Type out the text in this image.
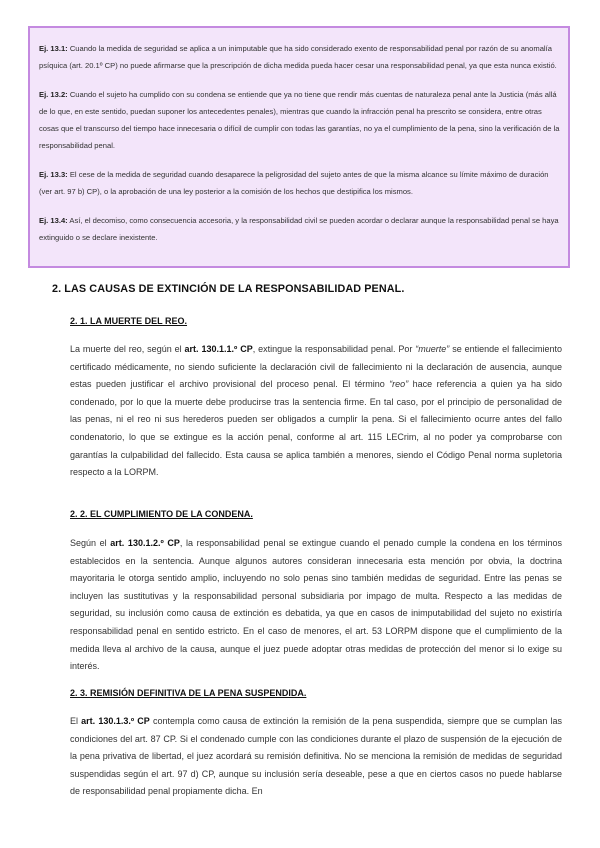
Ej. 13.1: Cuando la medida de seguridad se aplica a un inimputable que ha sido considerado exento de responsabilidad penal por razón de su anomalía psíquica (art. 20.1º CP) no puede afirmarse que la prescripción de dicha medida pueda hacer cesar una responsabilidad penal, ya que esta nunca existió.

Ej. 13.2: Cuando el sujeto ha cumplido con su condena se entiende que ya no tiene que rendir más cuentas de naturaleza penal ante la Justicia (más allá de lo que, en este sentido, puedan suponer los antecedentes penales), mientras que cuando la infracción penal ha prescrito se considera, entre otras cosas que el transcurso del tiempo hace innecesaria o difícil de cumplir con todas las garantías, no ya el cumplimiento de la pena, sino la verificación de la responsabilidad penal.

Ej. 13.3: El cese de la medida de seguridad cuando desaparece la peligrosidad del sujeto antes de que la misma alcance su límite máximo de duración (ver art. 97 b) CP), o la aprobación de una ley posterior a la comisión de los hechos que destipifica los mismos.

Ej. 13.4: Así, el decomiso, como consecuencia accesoria, y la responsabilidad civil se pueden acordar o declarar aunque la responsabilidad penal se haya extinguido o se declare inexistente.

2. LAS CAUSAS DE EXTINCIÓN DE LA RESPONSABILIDAD PENAL.
2. 1. LA MUERTE DEL REO.

La muerte del reo, según el art. 130.1.1.º CP, extingue la responsabilidad penal. Por “muerte” se entiende el fallecimiento certificado médicamente, no siendo suficiente la declaración civil de fallecimiento ni la declaración de ausencia, aunque estas pueden justificar el archivo provisional del proceso penal. El término “reo” hace referencia a quien ya ha sido condenado, por lo que la muerte debe producirse tras la sentencia firme. En tal caso, por el principio de personalidad de las penas, ni el reo ni sus herederos pueden ser obligados a cumplir la pena. Si el fallecimiento ocurre antes del fallo condenatorio, lo que se extingue es la acción penal, conforme al art. 115 LECrim, al no poder ya comprobarse con garantías la culpabilidad del fallecido. Esta causa se aplica también a menores, siendo el Código Penal norma supletoria respecto a la LORPM.

2. 2. EL CUMPLIMIENTO DE LA CONDENA.

Según el art. 130.1.2.º CP, la responsabilidad penal se extingue cuando el penado cumple la condena en los términos establecidos en la sentencia. Aunque algunos autores consideran innecesaria esta mención por obvia, la doctrina mayoritaria le otorga sentido amplio, incluyendo no solo penas sino también medidas de seguridad. Entre las penas se incluyen las sustitutivas y la responsabilidad personal subsidiaria por impago de multa. Respecto a las medidas de seguridad, su inclusión como causa de extinción es debatida, ya que en casos de inimputabilidad del sujeto no existiría responsabilidad penal en sentido estricto. En el caso de menores, el art. 53 LORPM dispone que el cumplimiento de la medida lleva al archivo de la causa, aunque el juez puede adoptar otras medidas de protección del menor si lo exige su interés.

2. 3. REMISIÓN DEFINITIVA DE LA PENA SUSPENDIDA.

El art. 130.1.3.º CP contempla como causa de extinción la remisión de la pena suspendida, siempre que se cumplan las condiciones del art. 87 CP. Si el condenado cumple con las condiciones durante el plazo de suspensión de la ejecución de la pena privativa de libertad, el juez acordará su remisión definitiva. No se menciona la remisión de medidas de seguridad suspendidas según el art. 97 d) CP, aunque su inclusión sería deseable, pese a que en ciertos casos no puede hablarse de responsabilidad penal propiamente dicha. En
